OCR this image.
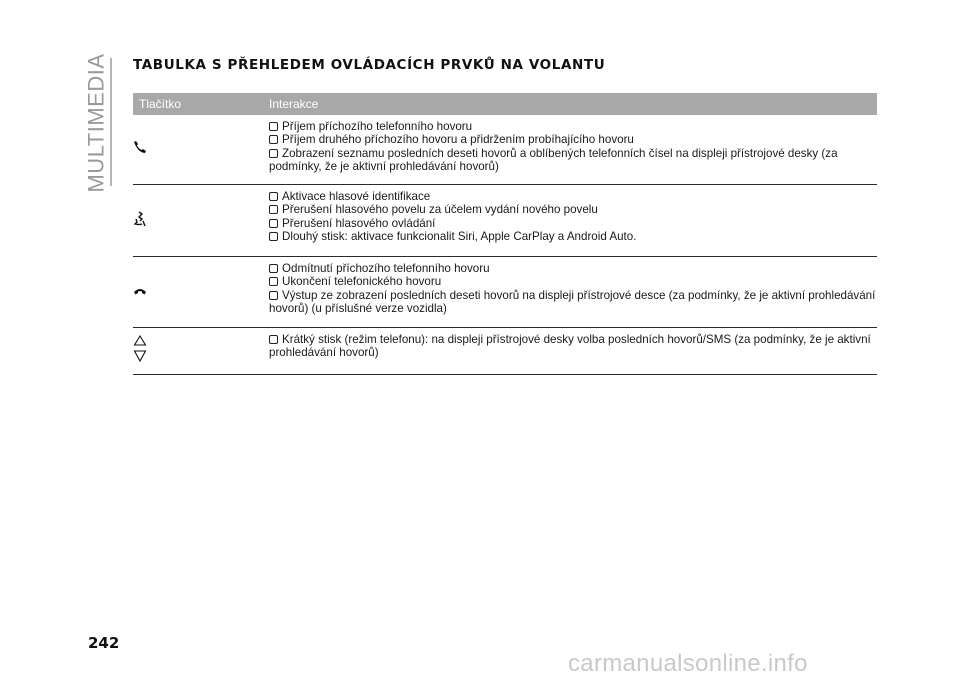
MULTIMEDIA TABULKA S PŘEHLEDEM OVLÁDACÍCH PRVKŮ NA VOLANTU
Tlačítko	Interakce
Příjem příchozího telefonního hovoru
Příjem druhého příchozího hovoru a přidržením probíhajícího hovoru
Zobrazení seznamu posledních deseti hovorů a oblíbených telefonních čísel na displeji přístrojové desky (za podmínky, že je aktivní prohledávání hovorů)
Aktivace hlasové identifikace
Přerušení hlasového povelu za účelem vydání nového povelu
Přerušení hlasového ovládání
Dlouhý stisk: aktivace funkcionalit Siri, Apple CarPlay a Android Auto.
Odmítnutí příchozího telefonního hovoru
Ukončení telefonického hovoru
Výstup ze zobrazení posledních deseti hovorů na displeji přístrojové desce (za podmínky, že je aktivní prohledávání hovorů) (u příslušné verze vozidla)
Krátký stisk (režim telefonu): na displeji přístrojové desky volba posledních hovorů/SMS (za podmínky, že je aktivní prohledávání hovorů)
242
carmanualsonline.info
